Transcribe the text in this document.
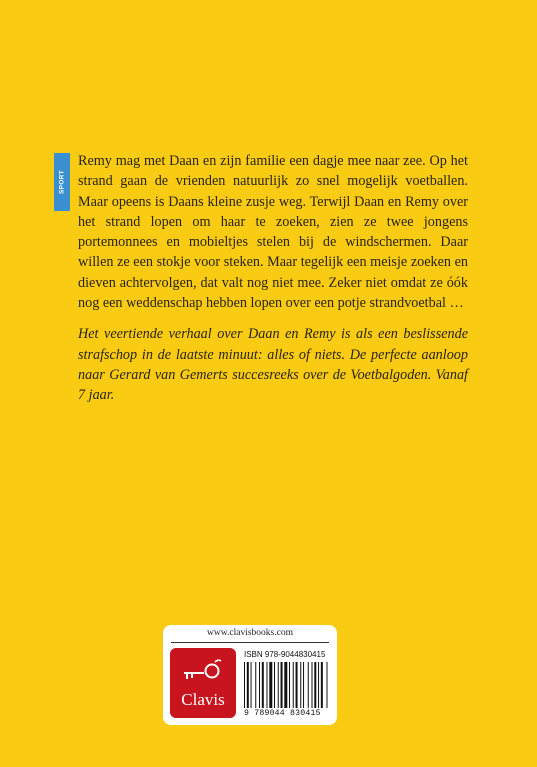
SPORT

Remy mag met Daan en zijn familie een dagje mee naar zee. Op het strand gaan de vrienden natuurlijk zo snel mogelijk voetballen. Maar opeens is Daans kleine zusje weg. Terwijl Daan en Remy over het strand lopen om haar te zoeken, zien ze twee jongens portemonnees en mobieltjes stelen bij de windschermen. Daar willen ze een stokje voor steken. Maar tegelijk een meisje zoeken en dieven achtervolgen, dat valt nog niet mee. Zeker niet omdat ze óók nog een weddenschap hebben lopen over een potje strandvoetbal …

Het veertiende verhaal over Daan en Remy is als een beslissende strafschop in de laatste minuut: alles of niets. De perfecte aanloop naar Gerard van Gemerts succesreeks over de Voetbalgoden. Vanaf 7 jaar.

www.clavisbooks.com
Clavis
ISBN 978-9044830415
9 789044 830415
